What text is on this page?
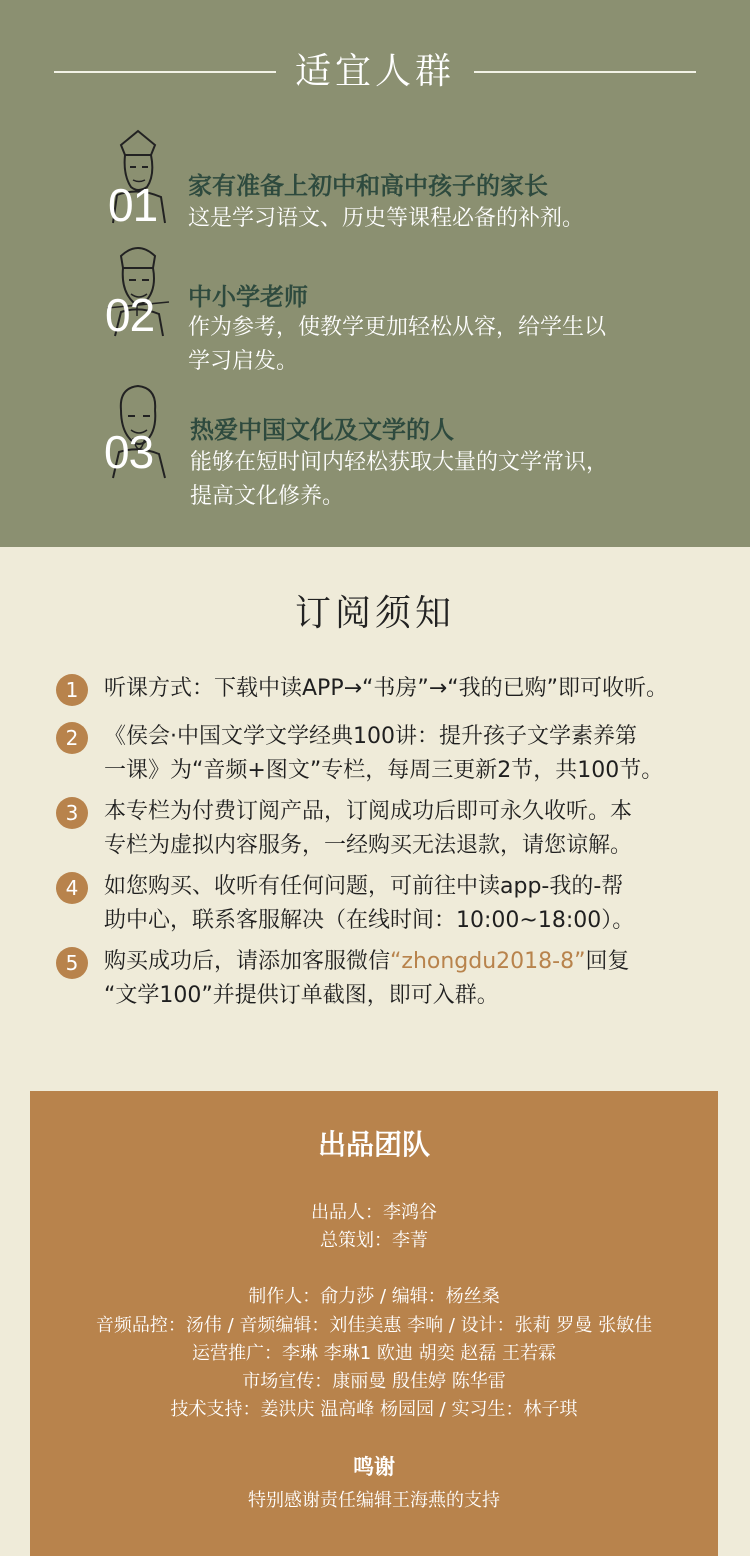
适宜人群
01 家有准备上初中和高中孩子的家长
这是学习语文、历史等课程必备的补剂。
02 中小学老师
作为参考，使教学更加轻松从容，给学生以
学习启发。
03 热爱中国文化及文学的人
能够在短时间内轻松获取大量的文学常识，
提高文化修养。
订阅须知
1	听课方式：下载中读APP→“书房”→“我的已购”即可收听。
2	《侯会·中国文学文学经典100讲：提升孩子文学素养第
一课》为“音频+图文”专栏，每周三更新2节，共100节。
3	本专栏为付费订阅产品，订阅成功后即可永久收听。本
专栏为虚拟内容服务，一经购买无法退款，请您谅解。
4	如您购买、收听有任何问题，可前往中读app-我的-帮
助中心，联系客服解决（在线时间：10:00~18:00）。
5	购买成功后，请添加客服微信“zhongdu2018-8”回复
“文学100”并提供订单截图，即可入群。
出品团队
出品人：李鸿谷
总策划：李菁
制作人：俞力莎 / 编辑：杨丝桑
音频品控：汤伟 / 音频编辑：刘佳美惠 李响 / 设计：张莉 罗曼 张敏佳
运营推广：李琳 李琳1 欧迪 胡奕 赵磊 王若霖
市场宣传：康丽曼 殷佳婷 陈华雷
技术支持：姜洪庆 温高峰 杨园园 / 实习生：林子琪
鸣谢
特别感谢责任编辑王海燕的支持
